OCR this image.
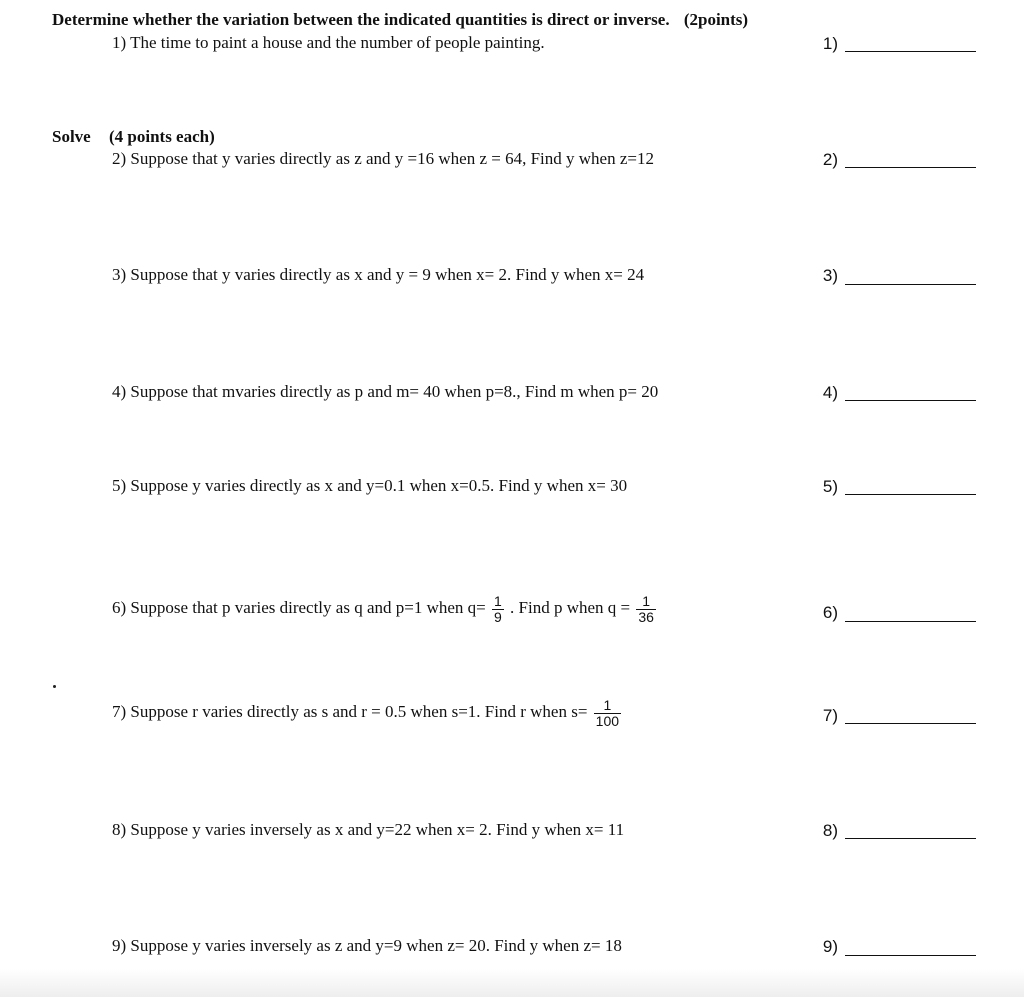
Determine whether the variation between the indicated quantities is direct or inverse. (2points)
1) The time to paint a house and the number of people painting.
Solve (4 points each)
2) Suppose that y varies directly as z and y =16 when z = 64, Find y when z=12
3) Suppose that y varies directly as x and y = 9 when x= 2. Find y when x= 24
4) Suppose that mvaries directly as p and m= 40 when p=8., Find m when p= 20
5) Suppose y varies directly as x and y=0.1 when x=0.5. Find y when x= 30
6) Suppose that p varies directly as q and p=1 when $q= \frac{1}{9}$ . Find p when $q = \frac{1}{36}$
7) Suppose r varies directly as s and r = 0.5 when s=1. Find r when $s= \frac{1}{100}$
8) Suppose y varies inversely as x and y=22 when x= 2. Find y when x= 11
9) Suppose y varies inversely as z and y=9 when z= 20. Find y when z= 18
1)
2)
3)
4)
5)
6)
7)
8)
9)
